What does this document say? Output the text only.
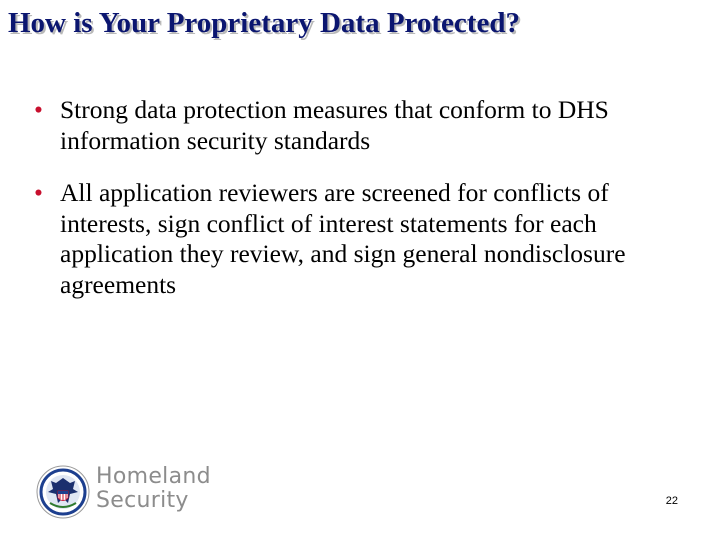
How is Your Proprietary Data Protected?
• Strong data protection measures that conform to DHS information security standards
• All application reviewers are screened for conflicts of interests, sign conflict of interest statements for each application they review, and sign general nondisclosure agreements
Homeland
Security	22
